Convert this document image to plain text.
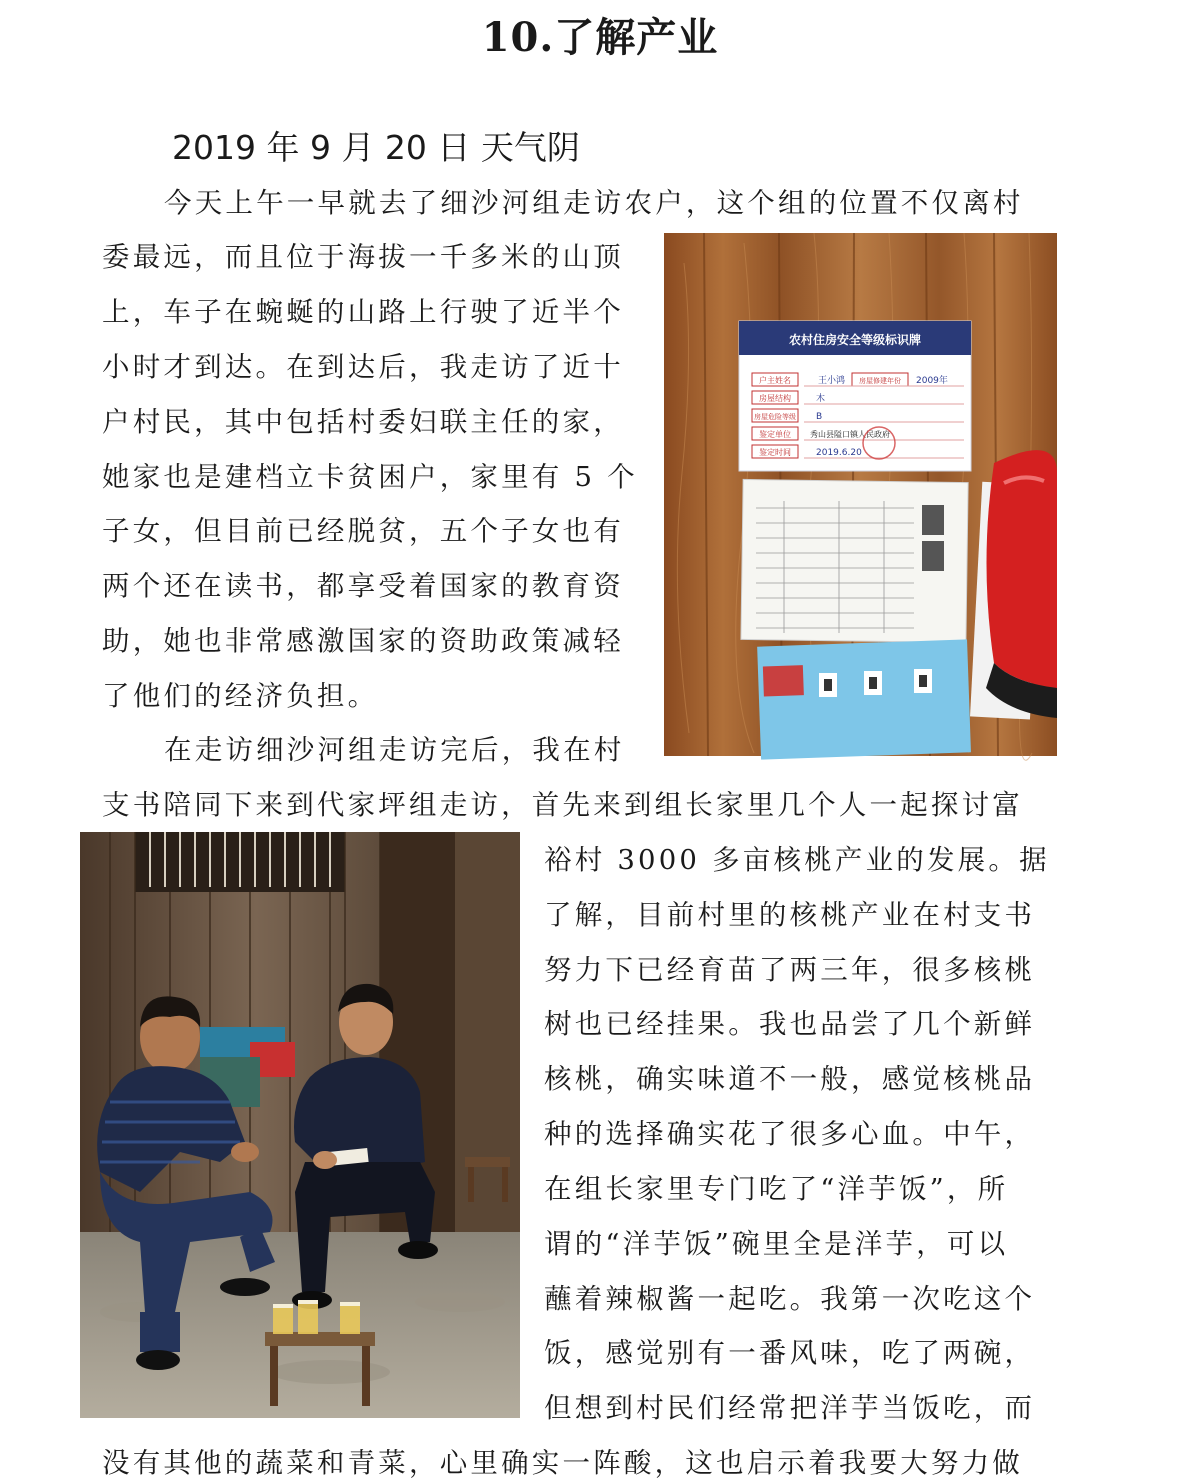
10.了解产业
2019 年 9 月 20 日 天气阴
今天上午一早就去了细沙河组走访农户，这个组的位置不仅离村
委最远，而且位于海拔一千多米的山顶
上，车子在蜿蜒的山路上行驶了近半个
小时才到达。在到达后，我走访了近十
户村民，其中包括村委妇联主任的家，
她家也是建档立卡贫困户，家里有 5 个
子女，但目前已经脱贫，五个子女也有
两个还在读书，都享受着国家的教育资
助，她也非常感激国家的资助政策减轻
了他们的经济负担。
在走访细沙河组走访完后，我在村
支书陪同下来到代家坪组走访，首先来到组长家里几个人一起探讨富
裕村 3000 多亩核桃产业的发展。据
了解，目前村里的核桃产业在村支书
努力下已经育苗了两三年，很多核桃
树也已经挂果。我也品尝了几个新鲜
核桃，确实味道不一般，感觉核桃品
种的选择确实花了很多心血。中午，
在组长家里专门吃了“洋芋饭”，所
谓的“洋芋饭”碗里全是洋芋，可以
蘸着辣椒酱一起吃。我第一次吃这个
饭，感觉别有一番风味，吃了两碗，
但想到村民们经常把洋芋当饭吃，而
没有其他的蔬菜和青菜，心里确实一阵酸，这也启示着我要大努力做
农村住房安全等级标识牌
户主姓名	王小鸿 房屋修建年份 2009年
房屋结构	木
房屋危险等级 B
鉴定单位 秀山县隘口镇人民政府
鉴定时间	2019.6.20
